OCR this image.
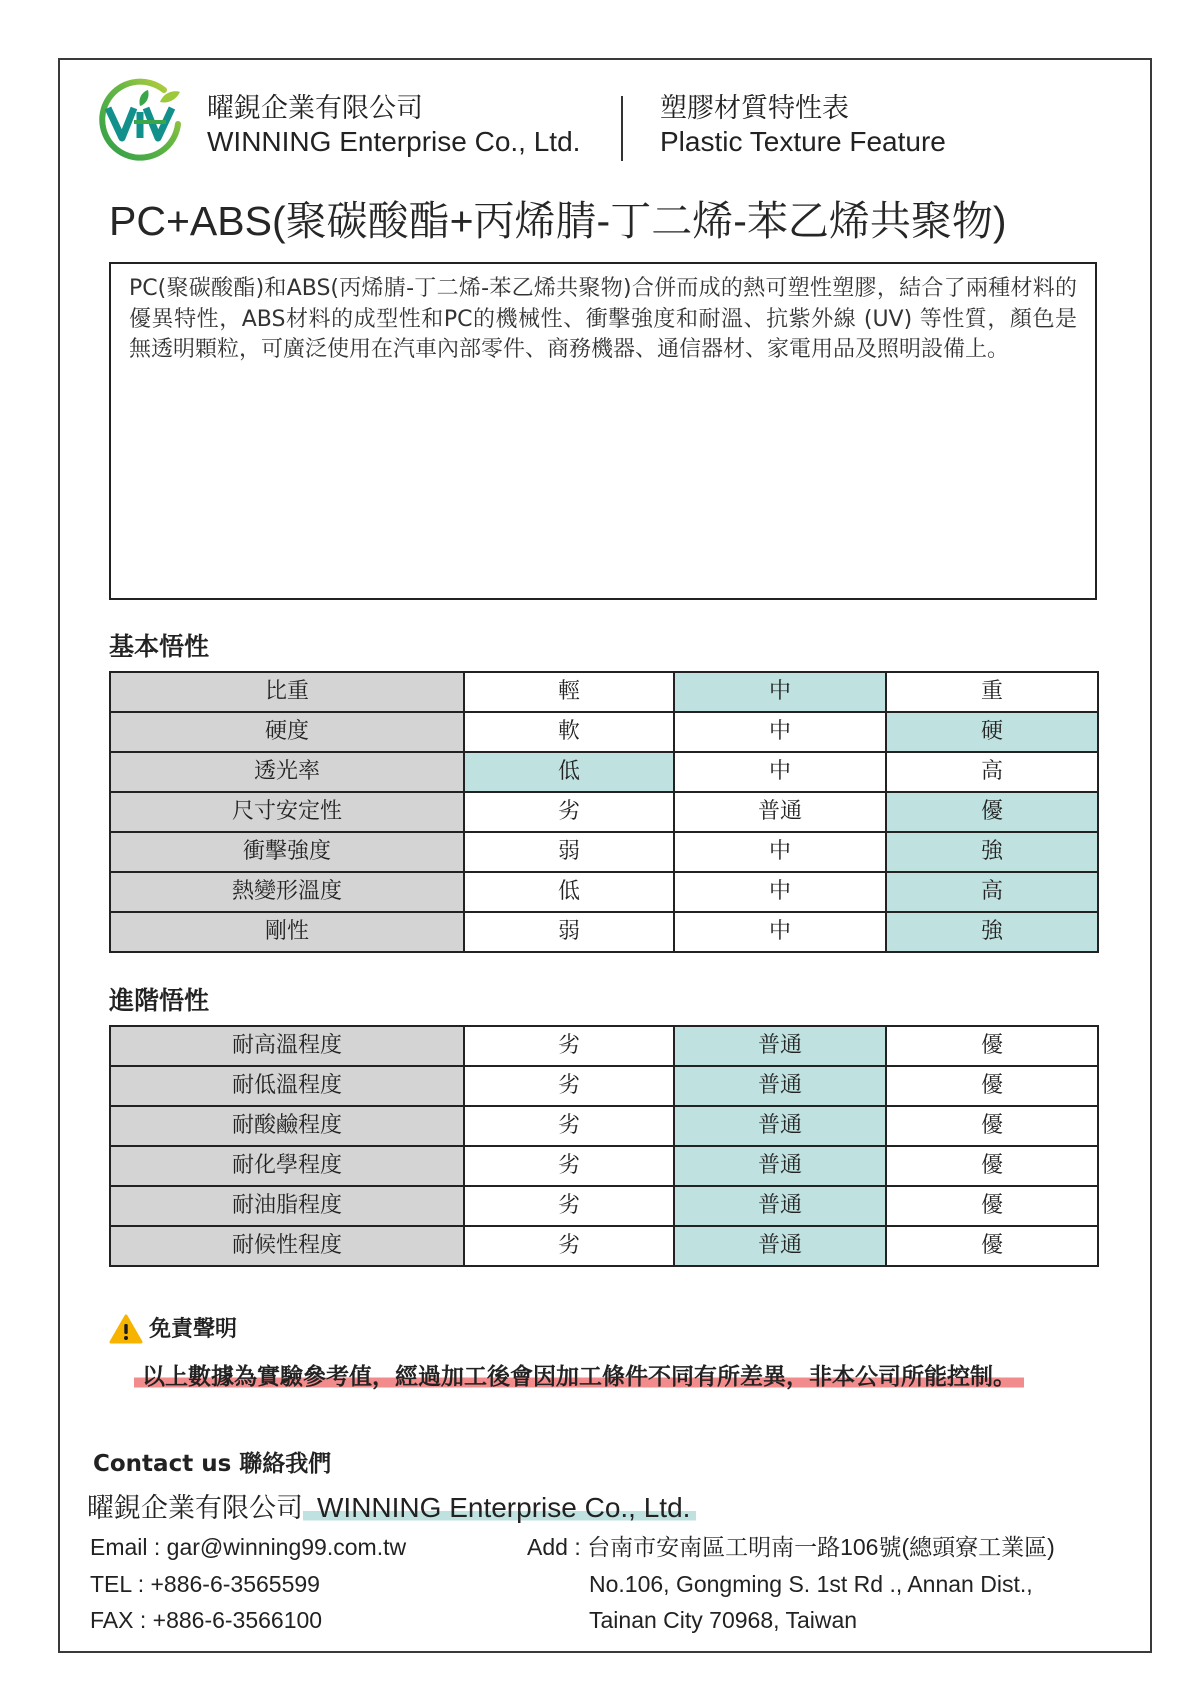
曜鋧企業有限公司
WINNING Enterprise Co., Ltd.
塑膠材質特性表
Plastic Texture Feature
PC+ABS(聚碳酸酯+丙烯腈-丁二烯-苯乙烯共聚物)

PC(聚碳酸酯)和ABS(丙烯腈-丁二烯-苯乙烯共聚物)合併而成的熱可塑性塑膠，結合了兩種材料的優異特性，ABS材料的成型性和PC的機械性、衝擊強度和耐溫、抗紫外線 (UV) 等性質，顏色是無透明顆粒，可廣泛使用在汽車內部零件、商務機器、通信器材、家電用品及照明設備上。

基本悟性
比重	輕	中	重
硬度	軟	中	硬
透光率	低	中	高
尺寸安定性	劣	普通	優
衝擊強度	弱	中	強
熱變形溫度	低	中	高
剛性	弱	中	強
進階悟性
耐高溫程度	劣	普通	優
耐低溫程度	劣	普通	優
耐酸鹼程度	劣	普通	優
耐化學程度	劣	普通	優
耐油脂程度	劣	普通	優
耐候性程度	劣	普通	優
免責聲明
以上數據為實驗參考值，經過加工後會因加工條件不同有所差異，非本公司所能控制。
Contact us 聯絡我們
曜鋧企業有限公司 WINNING Enterprise Co., Ltd.
Email : gar@winning99.com.tw
TEL : +886-6-3565599
FAX : +886-6-3566100
Add : 台南市安南區工明南一路106號(總頭寮工業區)
No.106, Gongming S. 1st Rd ., Annan Dist.,
Tainan City 70968, Taiwan
